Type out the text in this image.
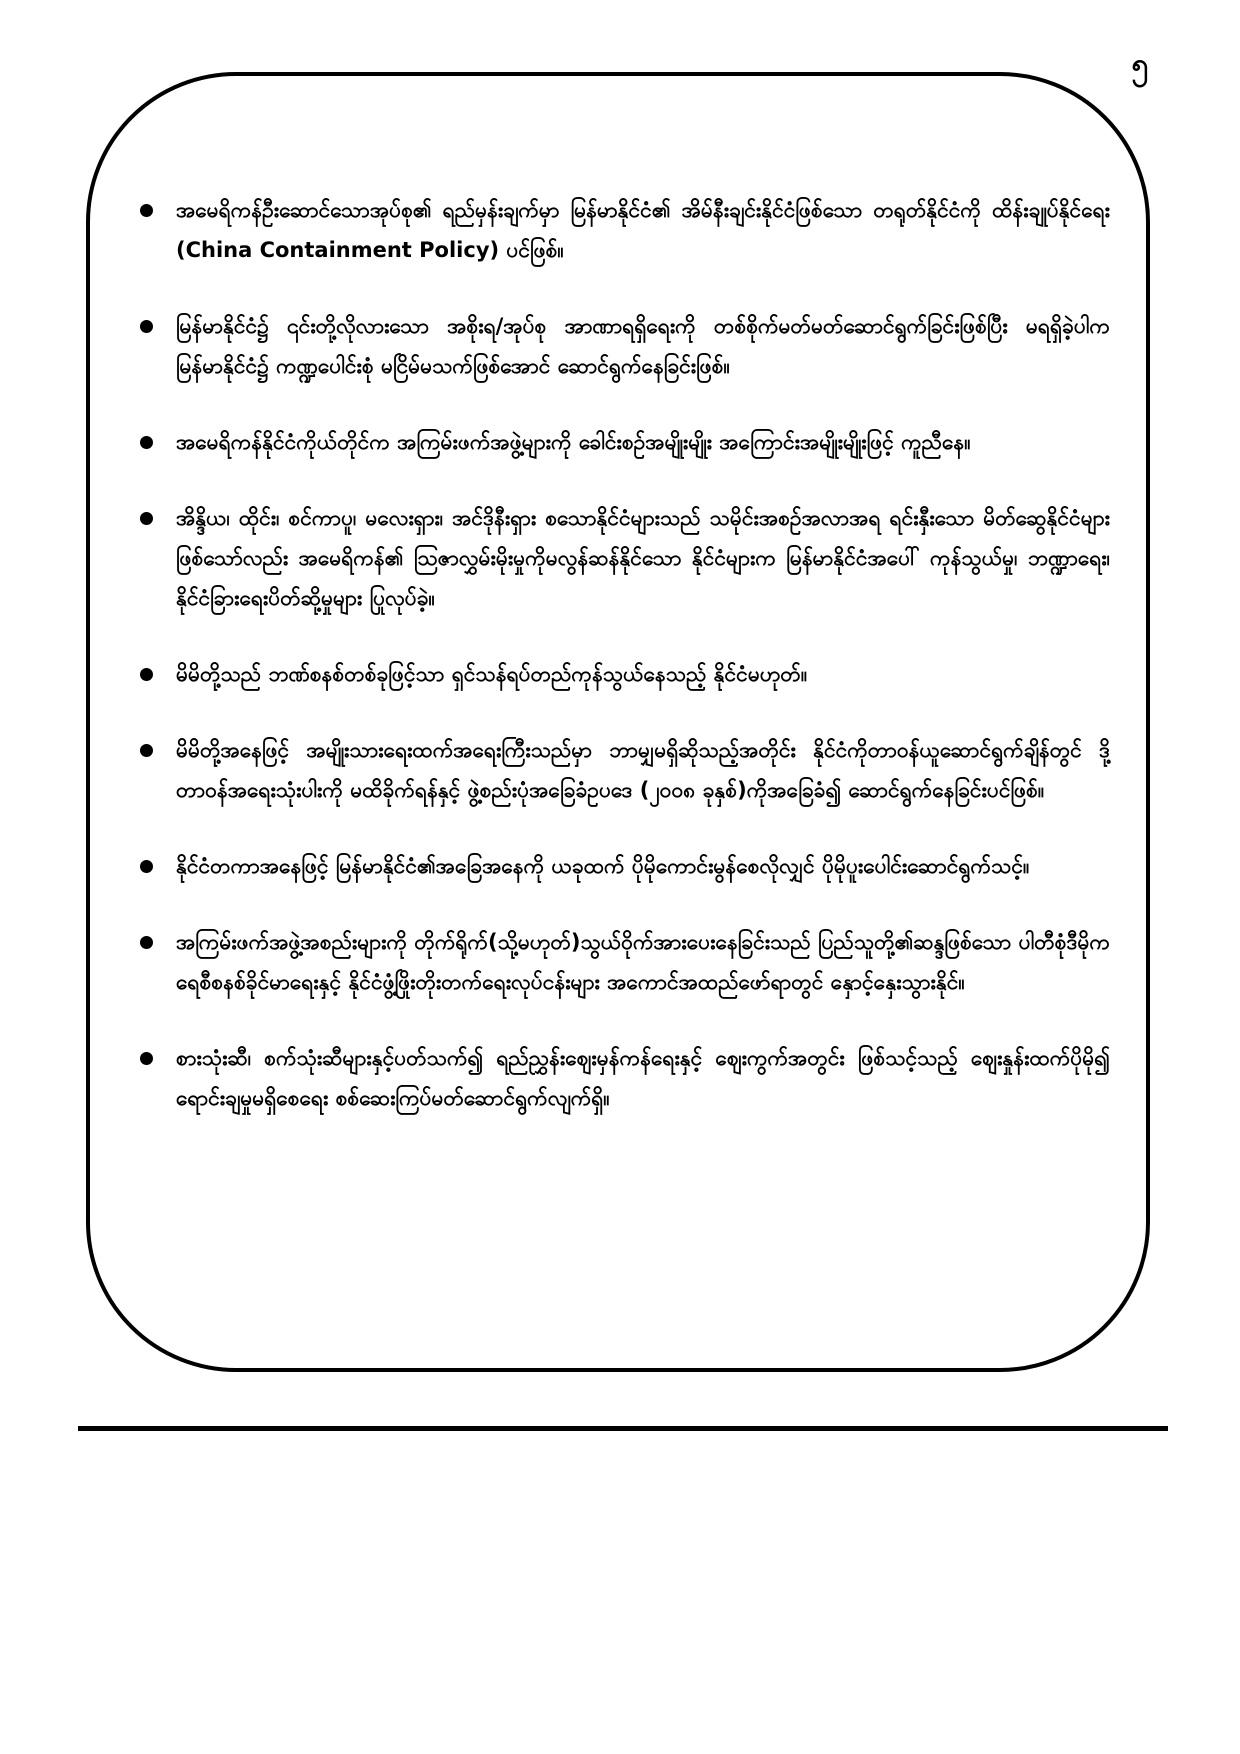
၅
အမေရိကန်ဦးဆောင်သောအုပ်စု၏ ရည်မှန်းချက်မှာ မြန်မာနိုင်ငံ၏ အိမ်နီးချင်းနိုင်ငံဖြစ်သော တရုတ်နိုင်ငံကို ထိန်းချုပ်နိုင်ရေး (China Containment Policy) ပင်ဖြစ်။
မြန်မာနိုင်ငံ၌ ၎င်းတို့လိုလားသော အစိုးရ/အုပ်စု အာဏာရရှိရေးကို တစ်စိုက်မတ်မတ်ဆောင်ရွက်ခြင်းဖြစ်ပြီး မရရှိခဲ့ပါက မြန်မာနိုင်ငံ၌ ကဏ္ဍပေါင်းစုံ မငြိမ်မသက်ဖြစ်အောင် ဆောင်ရွက်နေခြင်းဖြစ်။
အမေရိကန်နိုင်ငံကိုယ်တိုင်က အကြမ်းဖက်အဖွဲ့များကို ခေါင်းစဉ်အမျိုးမျိုး အကြောင်းအမျိုးမျိုးဖြင့် ကူညီနေ။
အိန္ဒိယ၊ ထိုင်း၊ စင်ကာပူ၊ မလေးရှား၊ အင်ဒိုနီးရှား စသောနိုင်ငံများသည် သမိုင်းအစဉ်အလာအရ ရင်းနှီးသော မိတ်ဆွေနိုင်ငံများဖြစ်သော်လည်း အမေရိကန်၏ ဩဇာလွှမ်းမိုးမှုကိုမလွန်ဆန်နိုင်သော နိုင်ငံများက မြန်မာနိုင်ငံအပေါ် ကုန်သွယ်မှု၊ ဘဏ္ဍာရေး၊ နိုင်ငံခြားရေးပိတ်ဆို့မှုများ ပြုလုပ်ခဲ့။
မိမိတို့သည် ဘဏ်စနစ်တစ်ခုဖြင့်သာ ရှင်သန်ရပ်တည်ကုန်သွယ်နေသည့် နိုင်ငံမဟုတ်။
မိမိတို့အနေဖြင့် အမျိုးသားရေးထက်အရေးကြီးသည်မှာ ဘာမျှမရှိဆိုသည့်အတိုင်း နိုင်ငံကိုတာဝန်ယူဆောင်ရွက်ချိန်တွင် ဒို့တာဝန်အရေးသုံးပါးကို မထိခိုက်ရန်နှင့် ဖွဲ့စည်းပုံအခြေခံဥပဒေ (၂၀၀၈ ခုနှစ်)ကိုအခြေခံ၍ ဆောင်ရွက်နေခြင်းပင်ဖြစ်။
နိုင်ငံတကာအနေဖြင့် မြန်မာနိုင်ငံ၏အခြေအနေကို ယခုထက် ပိုမိုကောင်းမွန်စေလိုလျှင် ပိုမိုပူးပေါင်းဆောင်ရွက်သင့်။
အကြမ်းဖက်အဖွဲ့အစည်းများကို တိုက်ရိုက်(သို့မဟုတ်)သွယ်ဝိုက်အားပေးနေခြင်းသည် ပြည်သူတို့၏ဆန္ဒဖြစ်သော ပါတီစုံဒီမိုကရေစီစနစ်ခိုင်မာရေးနှင့် နိုင်ငံဖွံ့ဖြိုးတိုးတက်ရေးလုပ်ငန်းများ အကောင်အထည်ဖော်ရာတွင် နှောင့်နှေးသွားနိုင်။
စားသုံးဆီ၊ စက်သုံးဆီများနှင့်ပတ်သက်၍ ရည်ညွှန်းဈေးမှန်ကန်ရေးနှင့် ဈေးကွက်အတွင်း ဖြစ်သင့်သည့် ဈေးနှုန်းထက်ပိုမို၍ ရောင်းချမှုမရှိစေရေး စစ်ဆေးကြပ်မတ်ဆောင်ရွက်လျက်ရှိ။
